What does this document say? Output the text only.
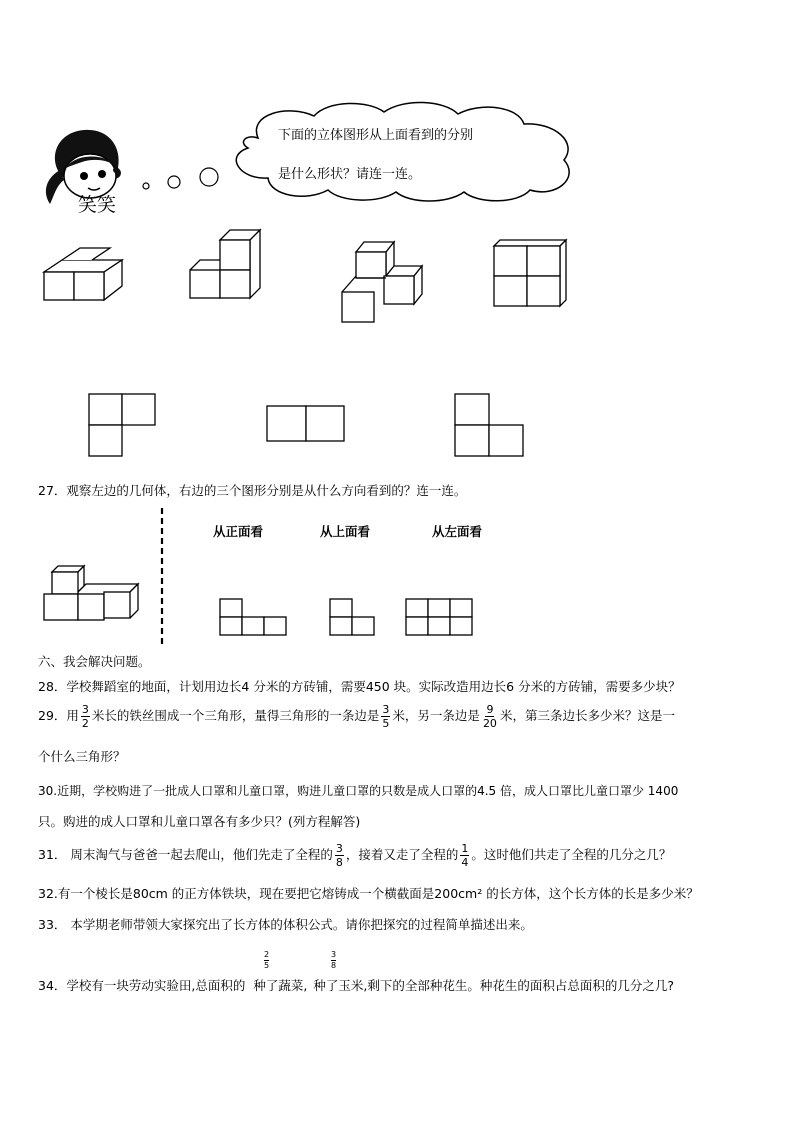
笑笑
下面的立体图形从上面看到的分别
是什么形状？请连一连。
27．观察左边的几何体，右边的三个图形分别是从什么方向看到的？连一连。
从正面看	从上面看	从左面看
六、我会解决问题。
28．学校舞蹈室的地面，计划用边长4 分米的方砖铺，需要450 块。实际改造用边长6 分米的方砖铺，需要多少块？
29．用 $\frac{3}{2}$ 米长的铁丝围成一个三角形，量得三角形的一条边是 $\frac{3}{5}$ 米，另一条边是 $\frac{9}{20}$ 米，第三条边长多少米？这是一
个什么三角形？
30.近期，学校购进了一批成人口罩和儿童口罩，购进儿童口罩的只数是成人口罩的4.5 倍，成人口罩比儿童口罩少 1400
只。购进的成人口罩和儿童口罩各有多少只？(列方程解答)
31． 周末淘气与爸爸一起去爬山，他们先走了全程的 $\frac{3}{8}$ ，接着又走了全程的 $\frac{1}{4}$ 。这时他们共走了全程的几分之几？
32.有一个棱长是80cm 的正方体铁块，现在要把它熔铸成一个横截面是200cm² 的长方体，这个长方体的长是多少米？
33． 本学期老师带领大家探究出了长方体的体积公式。请你把探究的过程简单描述出来。
2
5
3
8
34．学校有一块劳动实验田,总面积的 种了蔬菜, 种了玉米,剩下的全部种花生。种花生的面积占总面积的几分之几?
